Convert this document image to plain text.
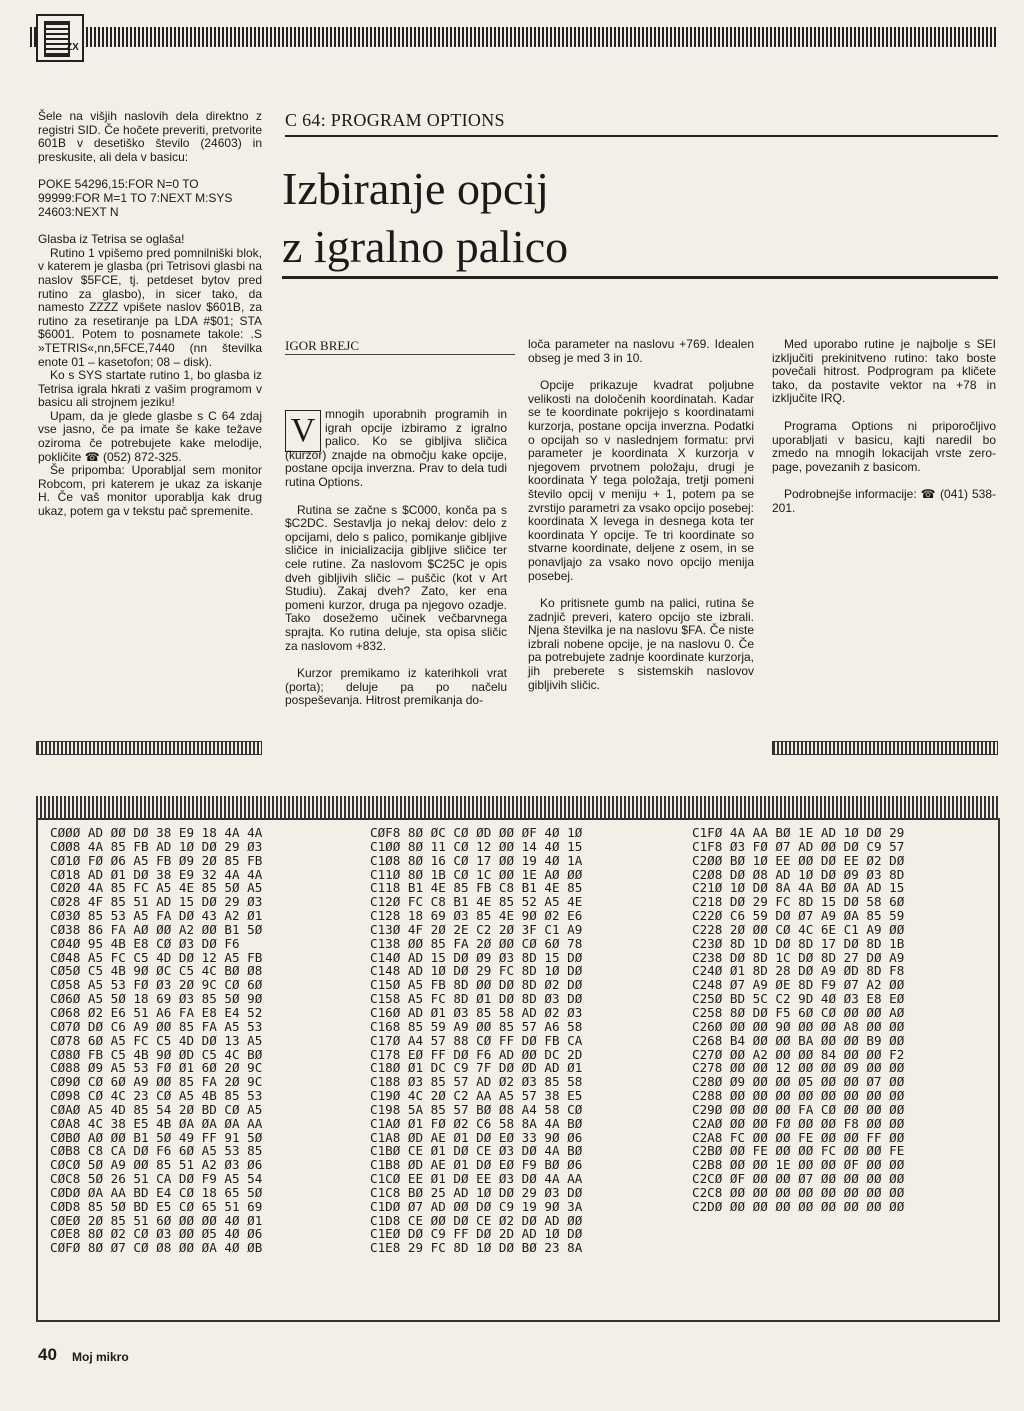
ZX

Šele na višjih naslovih dela direktno z registri SID. Če hočete preveriti, pretvorite 601B v desetiško število (24603) in preskusite, ali dela v basicu:

POKE 54296,15:FOR N=0 TO 99999:FOR M=1 TO 7:NEXT M:SYS 24603:NEXT N

Glasba iz Tetrisa se oglaša!

Rutino 1 vpišemo pred pomnilniški blok, v katerem je glasba (pri Tetrisovi glasbi na naslov $5FCE, tj. petdeset bytov pred rutino za glasbo), in sicer tako, da namesto ZZZZ vpišete naslov $601B, za rutino za resetiranje pa LDA #$01; STA $6001. Potem to posnamete takole: .S »TETRIS«,nn,5FCE,7440 (nn številka enote 01 – kasetofon; 08 – disk).

Ko s SYS startate rutino 1, bo glasba iz Tetrisa igrala hkrati z vašim programom v basicu ali strojnem jeziku!

Upam, da je glede glasbe s C 64 zdaj vse jasno, če pa imate še kake težave oziroma če potrebujete kake melodije, pokličite ☎ (052) 872-325.

Še pripomba: Uporabljal sem monitor Robcom, pri katerem je ukaz za iskanje H. Če vaš monitor uporablja kak drug ukaz, potem ga v tekstu pač spremenite.

C 64: PROGRAM OPTIONS
Izbiranje opcij
z igralno palico
IGOR BREJC
V mnogih uporabnih programih in igrah opcije izbiramo z igralno palico. Ko se gibljiva sličica (kurzor) znajde na območju kake opcije, postane opcija inverzna. Prav to dela tudi rutina Options.

Rutina se začne s $C000, konča pa s $C2DC. Sestavlja jo nekaj delov: delo z opcijami, delo s palico, pomikanje gibljive sličice in inicializacija gibljive sličice ter cele rutine. Za naslovom $C25C je opis dveh gibljivih sličic – puščic (kot v Art Studiu). Zakaj dveh? Zato, ker ena pomeni kurzor, druga pa njegovo ozadje. Tako dosežemo učinek večbarvnega sprajta. Ko rutina deluje, sta opisa sličic za naslovom +832.

Kurzor premikamo iz katerihkoli vrat (porta); deluje pa po načelu pospeševanja. Hitrost premikanja do-

loča parameter na naslovu +769. Idealen obseg je med 3 in 10.

Opcije prikazuje kvadrat poljubne velikosti na določenih koordinatah. Kadar se te koordinate pokrijejo s koordinatami kurzorja, postane opcija inverzna. Podatki o opcijah so v naslednjem formatu: prvi parameter je koordinata X kurzorja v njegovem prvotnem položaju, drugi je koordinata Y tega položaja, tretji pomeni število opcij v meniju + 1, potem pa se zvrstijo parametri za vsako opcijo posebej: koordinata X levega in desnega kota ter koordinata Y opcije. Te tri koordinate so stvarne koordinate, deljene z osem, in se ponavljajo za vsako novo opcijo menija posebej.

Ko pritisnete gumb na palici, rutina še zadnjič preveri, katero opcijo ste izbrali. Njena številka je na naslovu $FA. Če niste izbrali nobene opcije, je na naslovu 0. Če pa potrebujete zadnje koordinate kurzorja, jih preberete s sistemskih naslovov gibljivih sličic.

Med uporabo rutine je najbolje s SEI izključiti prekinitveno rutino: tako boste povečali hitrost. Podprogram pa kličete tako, da postavite vektor na +78 in izključite IRQ.

Programa Options ni priporočljivo uporabljati v basicu, kajti naredil bo zmedo na mnogih lokacijah vrste zero-page, povezanih z basicom.

Podrobnejše informacije: ☎ (041) 538-201.

CØØØ AD ØØ DØ 38 E9 18 4A 4A
CØØ8 4A 85 FB AD 1Ø DØ 29 Ø3
CØ1Ø FØ Ø6 A5 FB Ø9 2Ø 85 FB
CØ18 AD Ø1 DØ 38 E9 32 4A 4A
CØ2Ø 4A 85 FC A5 4E 85 5Ø A5
CØ28 4F 85 51 AD 15 DØ 29 Ø3
CØ3Ø 85 53 A5 FA DØ 43 A2 Ø1
CØ38 86 FA AØ ØØ A2 ØØ B1 5Ø
CØ4Ø 95 4B E8 CØ Ø3 DØ F6
CØ48 A5 FC C5 4D DØ 12 A5 FB
CØ5Ø C5 4B 9Ø ØC C5 4C BØ Ø8
CØ58 A5 53 FØ Ø3 2Ø 9C CØ 6Ø
CØ6Ø A5 5Ø 18 69 Ø3 85 5Ø 9Ø
CØ68 Ø2 E6 51 A6 FA E8 E4 52
CØ7Ø DØ C6 A9 ØØ 85 FA A5 53
CØ78 6Ø A5 FC C5 4D DØ 13 A5
CØ8Ø FB C5 4B 9Ø ØD C5 4C BØ
CØ88 Ø9 A5 53 FØ Ø1 6Ø 2Ø 9C
CØ9Ø CØ 6Ø A9 ØØ 85 FA 2Ø 9C
CØ98 CØ 4C 23 CØ A5 4B 85 53
CØAØ A5 4D 85 54 2Ø BD CØ A5
CØA8 4C 38 E5 4B ØA ØA ØA AA
CØBØ AØ ØØ B1 5Ø 49 FF 91 5Ø
CØB8 C8 CA DØ F6 6Ø A5 53 85
CØCØ 5Ø A9 ØØ 85 51 A2 Ø3 Ø6
CØC8 5Ø 26 51 CA DØ F9 A5 54
CØDØ ØA AA BD E4 CØ 18 65 5Ø
CØD8 85 5Ø BD E5 CØ 65 51 69
CØEØ 2Ø 85 51 6Ø ØØ ØØ 4Ø Ø1
CØE8 8Ø Ø2 CØ Ø3 ØØ Ø5 4Ø Ø6
CØFØ 8Ø Ø7 CØ Ø8 ØØ ØA 4Ø ØB
CØF8 8Ø ØC CØ ØD ØØ ØF 4Ø 1Ø
C1ØØ 8Ø 11 CØ 12 ØØ 14 4Ø 15
C1Ø8 8Ø 16 CØ 17 ØØ 19 4Ø 1A
C11Ø 8Ø 1B CØ 1C ØØ 1E AØ ØØ
C118 B1 4E 85 FB C8 B1 4E 85
C12Ø FC C8 B1 4E 85 52 A5 4E
C128 18 69 Ø3 85 4E 9Ø Ø2 E6
C13Ø 4F 2Ø 2E C2 2Ø 3F C1 A9
C138 ØØ 85 FA 2Ø ØØ CØ 6Ø 78
C14Ø AD 15 DØ Ø9 Ø3 8D 15 DØ
C148 AD 1Ø DØ 29 FC 8D 1Ø DØ
C15Ø A5 FB 8D ØØ DØ 8D Ø2 DØ
C158 A5 FC 8D Ø1 DØ 8D Ø3 DØ
C16Ø AD Ø1 Ø3 85 58 AD Ø2 Ø3
C168 85 59 A9 ØØ 85 57 A6 58
C17Ø A4 57 88 CØ FF DØ FB CA
C178 EØ FF DØ F6 AD ØØ DC 2D
C18Ø Ø1 DC C9 7F DØ ØD AD Ø1
C188 Ø3 85 57 AD Ø2 Ø3 85 58
C19Ø 4C 2Ø C2 AA A5 57 38 E5
C198 5A 85 57 BØ Ø8 A4 58 CØ
C1AØ Ø1 FØ Ø2 C6 58 8A 4A BØ
C1A8 ØD AE Ø1 DØ EØ 33 9Ø Ø6
C1BØ CE Ø1 DØ CE Ø3 DØ 4A BØ
C1B8 ØD AE Ø1 DØ EØ F9 BØ Ø6
C1CØ EE Ø1 DØ EE Ø3 DØ 4A AA
C1C8 BØ 25 AD 1Ø DØ 29 Ø3 DØ
C1DØ Ø7 AD ØØ DØ C9 19 9Ø 3A
C1D8 CE ØØ DØ CE Ø2 DØ AD ØØ
C1EØ DØ C9 FF DØ 2D AD 1Ø DØ
C1E8 29 FC 8D 1Ø DØ BØ 23 8A
C1FØ 4A AA BØ 1E AD 1Ø DØ 29
C1F8 Ø3 FØ Ø7 AD ØØ DØ C9 57
C2ØØ BØ 1Ø EE ØØ DØ EE Ø2 DØ
C2Ø8 DØ Ø8 AD 1Ø DØ Ø9 Ø3 8D
C21Ø 1Ø DØ 8A 4A BØ ØA AD 15
C218 DØ 29 FC 8D 15 DØ 58 6Ø
C22Ø C6 59 DØ Ø7 A9 ØA 85 59
C228 2Ø ØØ CØ 4C 6E C1 A9 ØØ
C23Ø 8D 1D DØ 8D 17 DØ 8D 1B
C238 DØ 8D 1C DØ 8D 27 DØ A9
C24Ø Ø1 8D 28 DØ A9 ØD 8D F8
C248 Ø7 A9 ØE 8D F9 Ø7 A2 ØØ
C25Ø BD 5C C2 9D 4Ø Ø3 E8 EØ
C258 8Ø DØ F5 6Ø CØ ØØ ØØ AØ
C26Ø ØØ ØØ 9Ø ØØ ØØ A8 ØØ ØØ
C268 B4 ØØ ØØ BA ØØ ØØ B9 ØØ
C27Ø ØØ A2 ØØ ØØ 84 ØØ ØØ F2
C278 ØØ ØØ 12 ØØ ØØ Ø9 ØØ ØØ
C28Ø Ø9 ØØ ØØ Ø5 ØØ ØØ Ø7 ØØ
C288 ØØ ØØ ØØ ØØ ØØ ØØ ØØ ØØ
C29Ø ØØ ØØ ØØ FA CØ ØØ ØØ ØØ
C2AØ ØØ ØØ FØ ØØ ØØ F8 ØØ ØØ
C2A8 FC ØØ ØØ FE ØØ ØØ FF ØØ
C2BØ ØØ FE ØØ ØØ FC ØØ ØØ FE
C2B8 ØØ ØØ 1E ØØ ØØ ØF ØØ ØØ
C2CØ ØF ØØ ØØ Ø7 ØØ ØØ ØØ ØØ
C2C8 ØØ ØØ ØØ ØØ ØØ ØØ ØØ ØØ
C2DØ ØØ ØØ ØØ ØØ ØØ ØØ ØØ ØØ
40 Moj mikro
